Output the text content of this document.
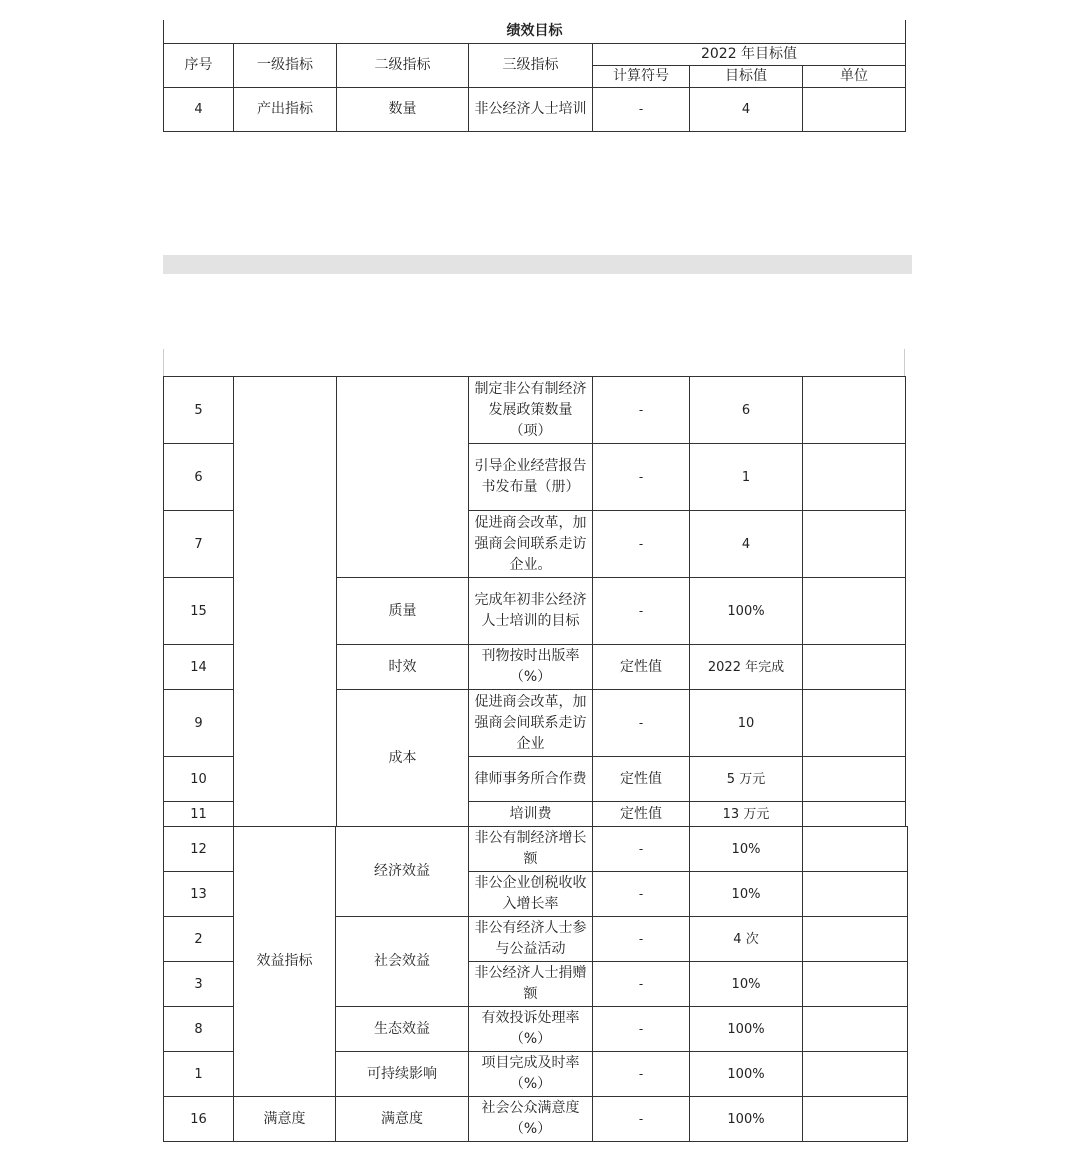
绩效目标						
序号	一级指标	二级指标	三级指标	2022 年目标值		
				计算符号	目标值	单位
4	产出指标	数量	非公经济人士培训	-	4	
5			制定非公有制经济发展政策数量（项）	-	6	
6			引导企业经营报告书发布量（册）	-	1	
7			促进商会改革，加强商会间联系走访企业。	-	4	
15		质量	完成年初非公经济人士培训的目标	-	100%	
14		时效	刊物按时出版率（%）	定性值	2022 年完成	
9		成本	促进商会改革，加强商会间联系走访企业	-	10	
10			律师事务所合作费	定性值	5 万元	
11			培训费	定性值	13 万元	
12	效益指标	经济效益	非公有制经济增长额	-	10%	
13			非公企业创税收收入增长率	-	10%	
2		社会效益	非公有经济人士参与公益活动	-	4 次	
3			非公经济人士捐赠额	-	10%	
8		生态效益	有效投诉处理率（%）	-	100%	
1		可持续影响	项目完成及时率（%）	-	100%	
16	满意度	满意度	社会公众满意度（%）	-	100%	
